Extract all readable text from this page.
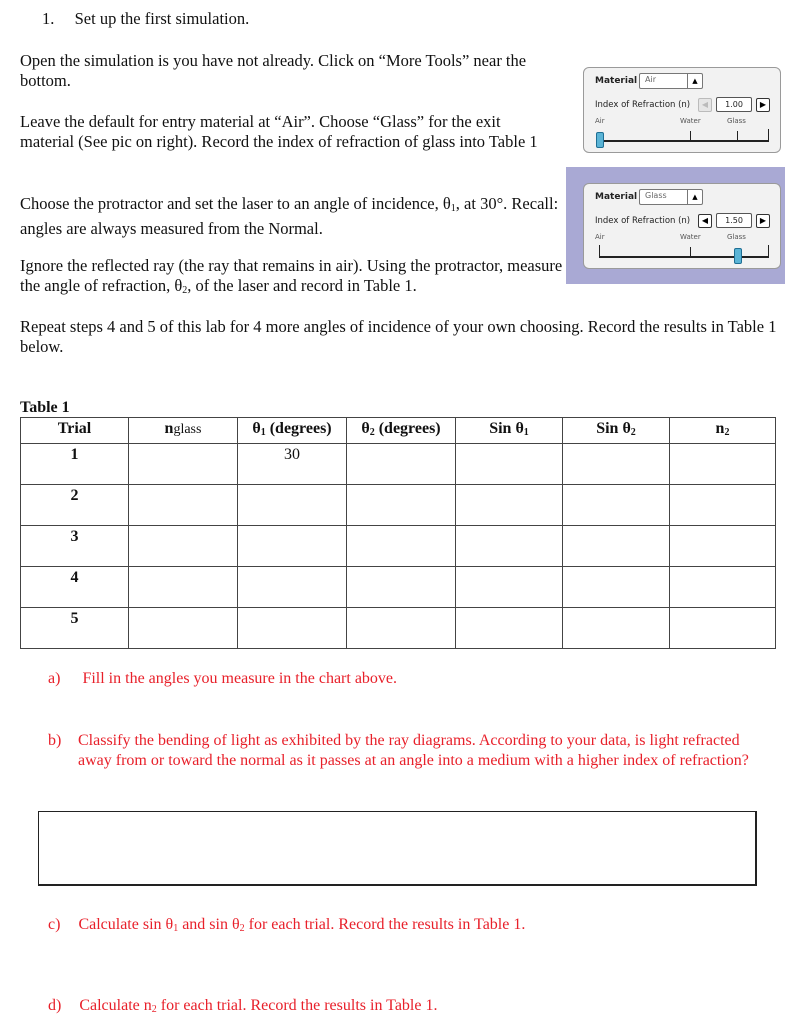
1. Set up the first simulation.
Open the simulation is you have not already. Click on “More Tools” near the bottom.
Leave the default for entry material at “Air”. Choose “Glass” for the exit material (See pic on right). Record the index of refraction of glass into Table 1
Choose the protractor and set the laser to an angle of incidence, $\theta_1$, at 30°. Recall: angles are always measured from the Normal.
Ignore the reflected ray (the ray that remains in air). Using the protractor, measure the angle of refraction, $\theta_2$, of the laser and record in Table 1.
Repeat steps 4 and 5 of this lab for 4 more angles of incidence of your own choosing. Record the results in Table 1 below.
Material Air	▲
Index of Refraction (n)	◀	1.00	▶
Air	Water	Glass
Material Glass	▲
Index of Refraction (n)	◀	1.50	▶
Air	Water	Glass
Table 1
Trial	nglass	$\theta_1$ (degrees)	$\theta_2$ (degrees)	Sin $\theta_1$	Sin $\theta_2$	$n_2$
1		30				
2						
3						
4						
5						
a) Fill in the angles you measure in the chart above.
b) Classify the bending of light as exhibited by the ray diagrams. According to your data, is light refracted away from or toward the normal as it passes at an angle into a medium with a higher index of refraction?
c) Calculate $\sin \theta_1$ and $\sin \theta_2$ for each trial. Record the results in Table 1.
d) Calculate $n_2$ for each trial. Record the results in Table 1.
